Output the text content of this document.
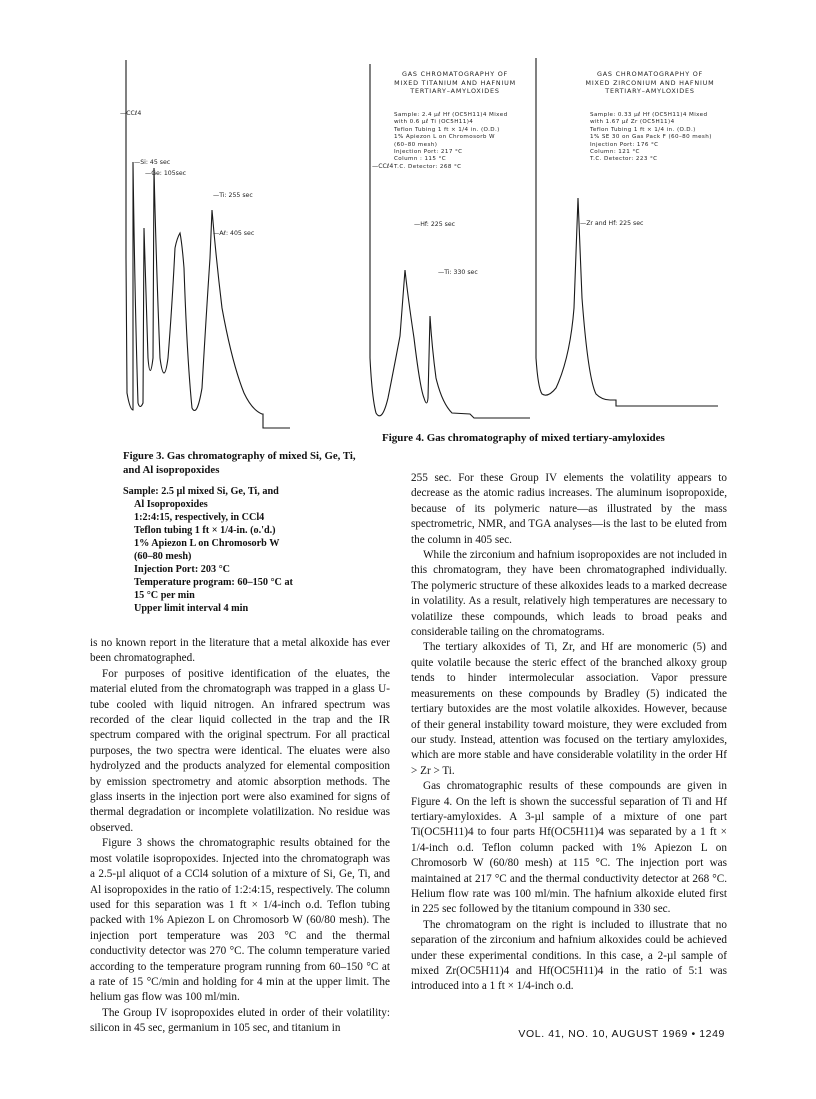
—CCℓ4
—Si: 45 sec
—Ge: 105sec
—Ti: 255 sec
—Aℓ: 405 sec
Figure 3. Gas chromatography of mixed Si, Ge, Ti, and Al isopropoxides
Sample: 2.5 µl mixed Si, Ge, Ti, and
Al Isopropoxides
1:2:4:15, respectively, in CCl4
Teflon tubing 1 ft × 1/4-in. (o.'d.)
1% Apiezon L on Chromosorb W
(60–80 mesh)
Injection Port: 203 °C
Temperature program: 60–150 °C at
15 °C per min
Upper limit interval 4 min
GAS CHROMATOGRAPHY OF
MIXED TITANIUM AND HAFNIUM
TERTIARY–AMYLOXIDES
Sample: 2.4 µℓ Hf (OC5H11)4 Mixed
with 0.6 µℓ Ti (OC5H11)4
Teflon Tubing 1 ft × 1/4 in. (O.D.)
1% Apiezon L on Chromosorb W
(60–80 mesh)
Injection Port: 217 °C
Column : 115 °C
T.C. Detector: 268 °C
—CCℓ4
—Hf: 225 sec
—Ti: 330 sec
GAS CHROMATOGRAPHY OF
MIXED ZIRCONIUM AND HAFNIUM
TERTIARY–AMYLOXIDES
Sample: 0.33 µℓ Hf (OC5H11)4 Mixed
with 1.67 µℓ Zr (OC5H11)4
Teflon Tubing 1 ft × 1/4 in. (O.D.)
1% SE 30 on Gas Pack F (60–80 mesh)
Injection Port: 176 °C
Column: 121 °C
T.C. Detector: 223 °C
—Zr and Hf: 225 sec
Figure 4. Gas chromatography of mixed tertiary-amyloxides

is no known report in the literature that a metal alkoxide has ever been chromatographed.

For purposes of positive identification of the eluates, the material eluted from the chromatograph was trapped in a glass U-tube cooled with liquid nitrogen. An infrared spectrum was recorded of the clear liquid collected in the trap and the IR spectrum compared with the original spectrum. For all practical purposes, the two spectra were identical. The eluates were also hydrolyzed and the products analyzed for elemental composition by emission spectrometry and atomic absorption methods. The glass inserts in the injection port were also examined for signs of thermal degradation or incomplete volatilization. No residue was observed.

Figure 3 shows the chromatographic results obtained for the most volatile isopropoxides. Injected into the chromatograph was a 2.5-µl aliquot of a CCl4 solution of a mixture of Si, Ge, Ti, and Al isopropoxides in the ratio of 1:2:4:15, respectively. The column used for this separation was 1 ft × 1/4-inch o.d. Teflon tubing packed with 1% Apiezon L on Chromosorb W (60/80 mesh). The injection port temperature was 203 °C and the thermal conductivity detector was 270 °C. The column temperature varied according to the temperature program running from 60–150 °C at a rate of 15 °C/min and holding for 4 min at the upper limit. The helium gas flow was 100 ml/min.

The Group IV isopropoxides eluted in order of their volatility: silicon in 45 sec, germanium in 105 sec, and titanium in

255 sec. For these Group IV elements the volatility appears to decrease as the atomic radius increases. The aluminum isopropoxide, because of its polymeric nature—as illustrated by the mass spectrometric, NMR, and TGA analyses—is the last to be eluted from the column in 405 sec.

While the zirconium and hafnium isopropoxides are not included in this chromatogram, they have been chromatographed individually. The polymeric structure of these alkoxides leads to a marked decrease in volatility. As a result, relatively high temperatures are necessary to volatilize these compounds, which leads to broad peaks and considerable tailing on the chromatograms.

The tertiary alkoxides of Ti, Zr, and Hf are monomeric (5) and quite volatile because the steric effect of the branched alkoxy group tends to hinder intermolecular association. Vapor pressure measurements on these compounds by Bradley (5) indicated the tertiary butoxides are the most volatile alkoxides. However, because of their general instability toward moisture, they were excluded from our study. Instead, attention was focused on the tertiary amyloxides, which are more stable and have considerable volatility in the order Hf > Zr > Ti.

Gas chromatographic results of these compounds are given in Figure 4. On the left is shown the successful separation of Ti and Hf tertiary-amyloxides. A 3-µl sample of a mixture of one part Ti(OC5H11)4 to four parts Hf(OC5H11)4 was separated by a 1 ft × 1/4-inch o.d. Teflon column packed with 1% Apiezon L on Chromosorb W (60/80 mesh) at 115 °C. The injection port was maintained at 217 °C and the thermal conductivity detector at 268 °C. Helium flow rate was 100 ml/min. The hafnium alkoxide eluted first in 225 sec followed by the titanium compound in 330 sec.

The chromatogram on the right is included to illustrate that no separation of the zirconium and hafnium alkoxides could be achieved under these experimental conditions. In this case, a 2-µl sample of mixed Zr(OC5H11)4 and Hf(OC5H11)4 in the ratio of 5:1 was introduced into a 1 ft × 1/4-inch o.d.

VOL. 41, NO. 10, AUGUST 1969 • 1249
